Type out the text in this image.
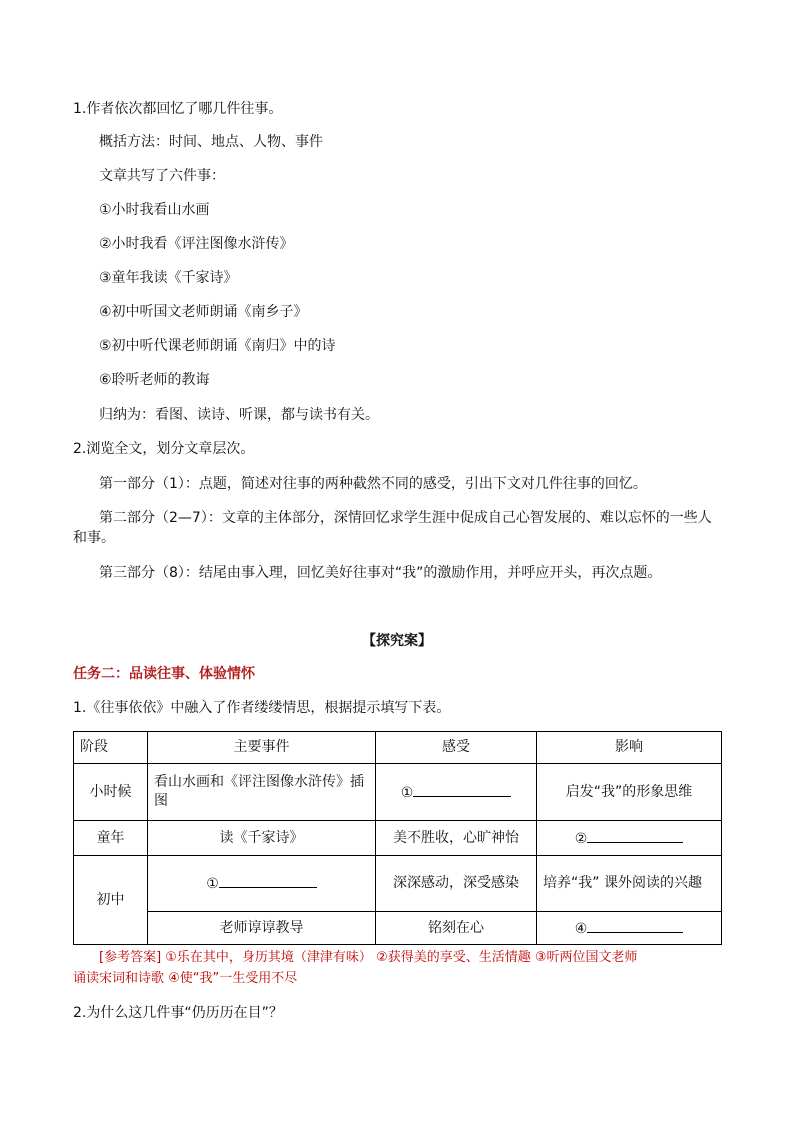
1.作者依次都回忆了哪几件往事。
概括方法：时间、地点、人物、事件
文章共写了六件事：
①小时我看山水画
②小时我看《评注图像水浒传》
③童年我读《千家诗》
④初中听国文老师朗诵《南乡子》
⑤初中听代课老师朗诵《南归》中的诗
⑥聆听老师的教诲
归纳为：看图、读诗、听课，都与读书有关。
2.浏览全文，划分文章层次。
第一部分（1）：点题，简述对往事的两种截然不同的感受，引出下文对几件往事的回忆。
第二部分（2—7）：文章的主体部分，深情回忆求学生涯中促成自己心智发展的、难以忘怀的一些人和事。
第三部分（8）：结尾由事入理，回忆美好往事对“我”的激励作用，并呼应开头，再次点题。
【探究案】
任务二：品读往事、体验情怀
1.《往事依依》中融入了作者缕缕情思，根据提示填写下表。
阶段	主要事件	感受	影响
小时候	看山水画和《评注图像水浒传》插图	①	启发“我”的形象思维
童年	读《千家诗》	美不胜收，心旷神怡	②
初中	①	深深感动，深受感染	培养“我” 课外阅读的兴趣
	老师谆谆教导	铭刻在心	④
[参考答案] ①乐在其中，身历其境（津津有味） ②获得美的享受、生活情趣 ③听两位国文老师
诵读宋词和诗歌 ④使“我”一生受用不尽
2.为什么这几件事“仍历历在目”？
